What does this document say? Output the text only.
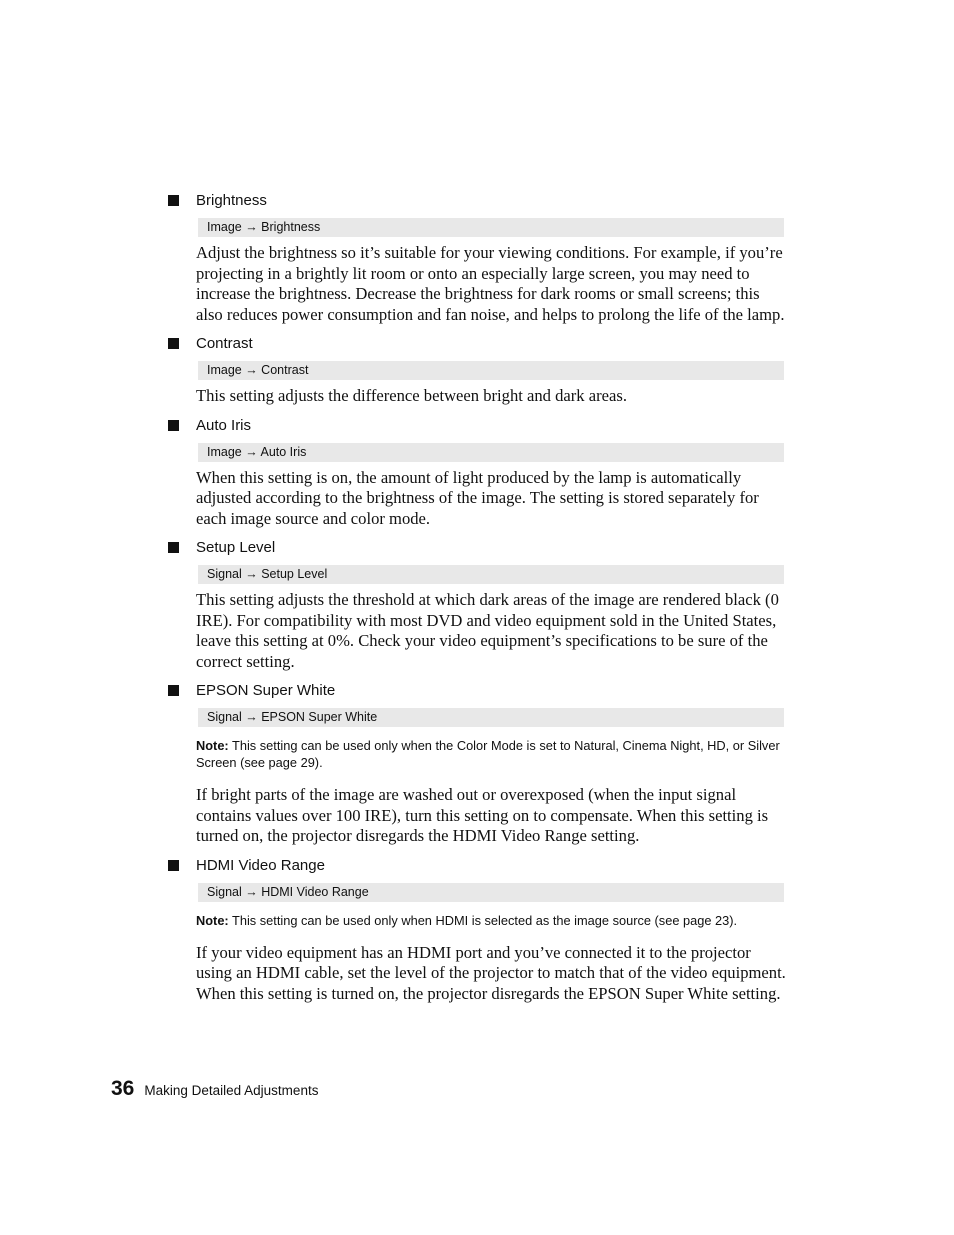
Brightness
Image → Brightness
Adjust the brightness so it’s suitable for your viewing conditions. For example, if you’re projecting in a brightly lit room or onto an especially large screen, you may need to increase the brightness. Decrease the brightness for dark rooms or small screens; this also reduces power consumption and fan noise, and helps to prolong the life of the lamp.
Contrast
Image → Contrast
This setting adjusts the difference between bright and dark areas.
Auto Iris
Image → Auto Iris
When this setting is on, the amount of light produced by the lamp is automatically adjusted according to the brightness of the image. The setting is stored separately for each image source and color mode.
Setup Level
Signal → Setup Level
This setting adjusts the threshold at which dark areas of the image are rendered black (0 IRE). For compatibility with most DVD and video equipment sold in the United States, leave this setting at 0%. Check your video equipment’s specifications to be sure of the correct setting.
EPSON Super White
Signal → EPSON Super White
Note: This setting can be used only when the Color Mode is set to Natural, Cinema Night, HD, or Silver Screen (see page 29).
If bright parts of the image are washed out or overexposed (when the input signal contains values over 100 IRE), turn this setting on to compensate. When this setting is turned on, the projector disregards the HDMI Video Range setting.
HDMI Video Range
Signal → HDMI Video Range
Note: This setting can be used only when HDMI is selected as the image source (see page 23).
If your video equipment has an HDMI port and you’ve connected it to the projector using an HDMI cable, set the level of the projector to match that of the video equipment. When this setting is turned on, the projector disregards the EPSON Super White setting.
36 Making Detailed Adjustments
